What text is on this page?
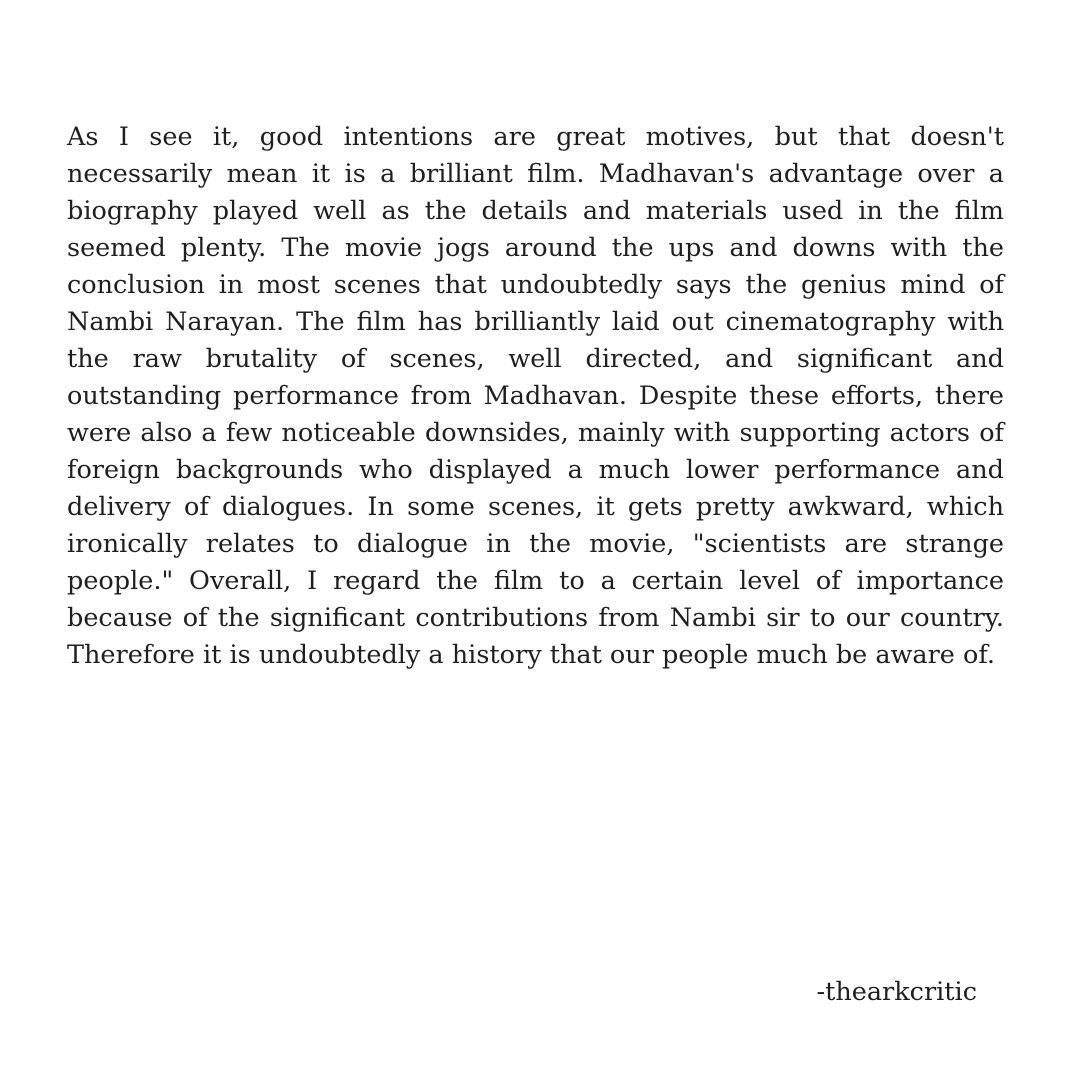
As I see it, good intentions are great motives, but that doesn't necessarily mean it is a brilliant film. Madhavan's advantage over a biography played well as the details and materials used in the film seemed plenty. The movie jogs around the ups and downs with the conclusion in most scenes that undoubtedly says the genius mind of Nambi Narayan. The film has brilliantly laid out cinematography with the raw brutality of scenes, well directed, and significant and outstanding performance from Madhavan. Despite these efforts, there were also a few noticeable downsides, mainly with supporting actors of foreign backgrounds who displayed a much lower performance and delivery of dialogues. In some scenes, it gets pretty awkward, which ironically relates to dialogue in the movie, "scientists are strange people." Overall, I regard the film to a certain level of importance because of the significant contributions from Nambi sir to our country. Therefore it is undoubtedly a history that our people much be aware of.

-thearkcritic
